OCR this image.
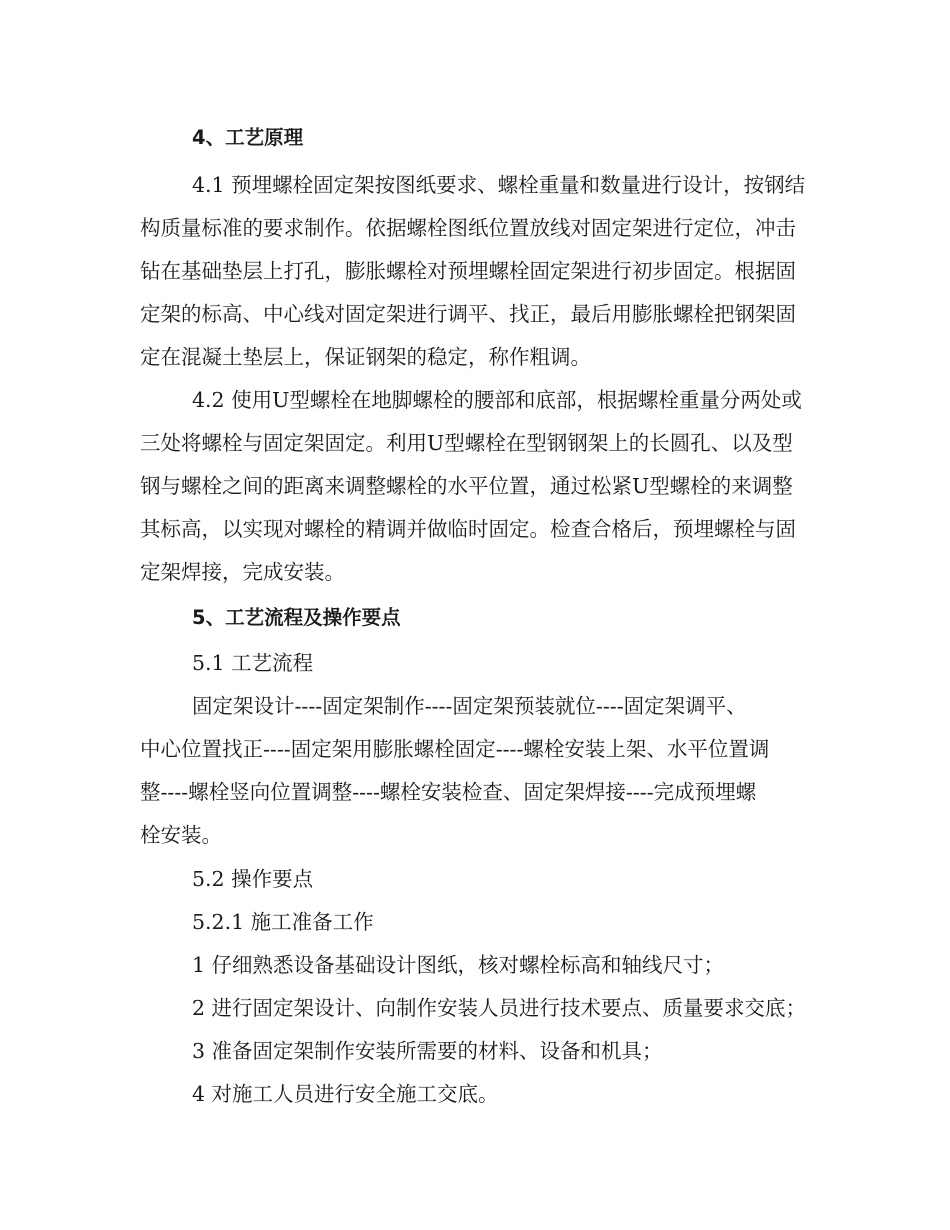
4、工艺原理
4.1 预埋螺栓固定架按图纸要求、螺栓重量和数量进行设计，按钢结
构质量标准的要求制作。依据螺栓图纸位置放线对固定架进行定位，冲击
钻在基础垫层上打孔，膨胀螺栓对预埋螺栓固定架进行初步固定。根据固
定架的标高、中心线对固定架进行调平、找正，最后用膨胀螺栓把钢架固
定在混凝土垫层上，保证钢架的稳定，称作粗调。
4.2 使用U型螺栓在地脚螺栓的腰部和底部，根据螺栓重量分两处或
三处将螺栓与固定架固定。利用U型螺栓在型钢钢架上的长圆孔、以及型
钢与螺栓之间的距离来调整螺栓的水平位置，通过松紧U型螺栓的来调整
其标高，以实现对螺栓的精调并做临时固定。检查合格后，预埋螺栓与固
定架焊接，完成安装。
5、工艺流程及操作要点
5.1 工艺流程
固定架设计----固定架制作----固定架预装就位----固定架调平、
中心位置找正----固定架用膨胀螺栓固定----螺栓安装上架、水平位置调
整----螺栓竖向位置调整----螺栓安装检查、固定架焊接----完成预埋螺
栓安装。
5.2 操作要点
5.2.1 施工准备工作
1 仔细熟悉设备基础设计图纸，核对螺栓标高和轴线尺寸；
2 进行固定架设计、向制作安装人员进行技术要点、质量要求交底；
3 准备固定架制作安装所需要的材料、设备和机具；
4 对施工人员进行安全施工交底。
